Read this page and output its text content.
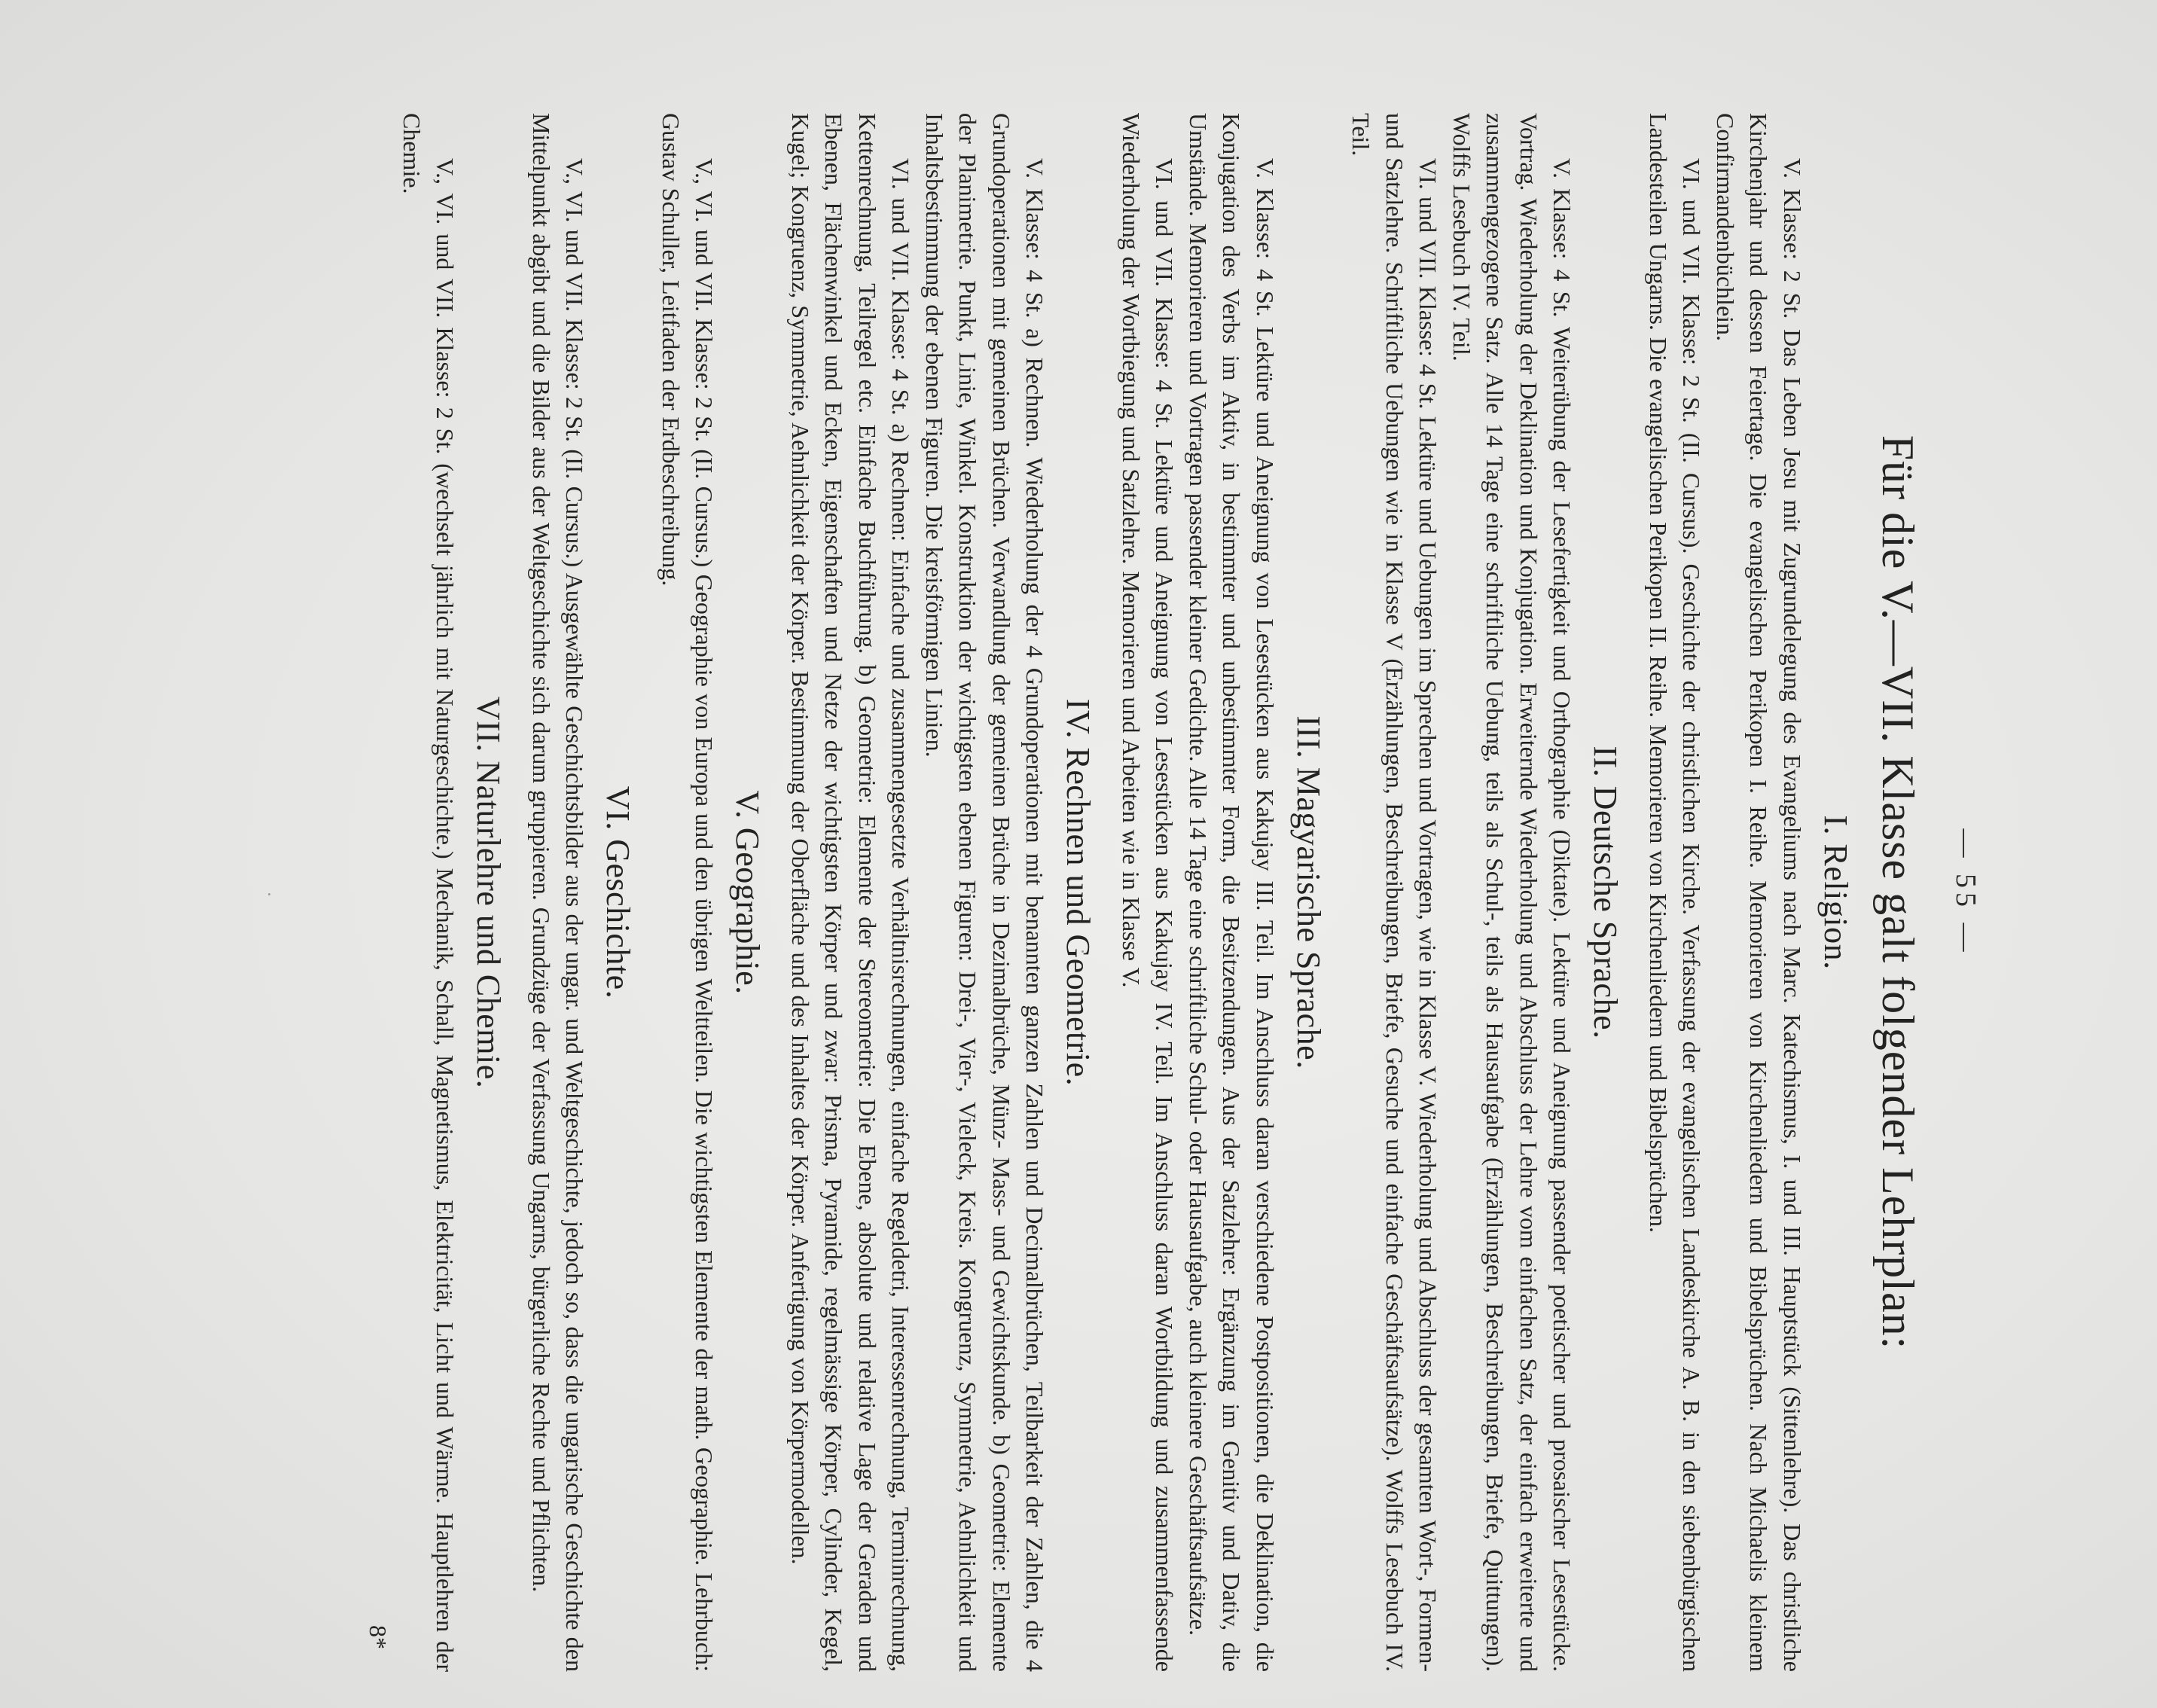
— 55 —
Für die V.—VII. Klasse galt folgender Lehrplan:
I. Religion.

V. Klasse: 2 St. Das Leben Jesu mit Zugrundelegung des Evangeliums nach Marc. Katechismus, I. und III. Hauptstück (Sittenlehre). Das christliche Kirchenjahr und dessen Feiertage. Die evangelischen Perikopen I. Reihe. Memorieren von Kirchenliedern und Bibelsprüchen. Nach Michaelis kleinem Confirmandenbüchlein.

VI. und VII. Klasse: 2 St. (II. Cursus). Geschichte der christlichen Kirche. Verfassung der evangelischen Landeskirche A. B. in den siebenbürgischen Landesteilen Ungarns. Die evangelischen Perikopen II. Reihe. Memorieren von Kirchenliedern und Bibelsprüchen.

II. Deutsche Sprache.

V. Klasse: 4 St. Weiterübung der Lesefertigkeit und Orthographie (Diktate). Lektüre und Aneignung passender poetischer und prosaischer Lesestücke. Vortrag. Wiederholung der Deklination und Konjugation. Erweiternde Wiederholung und Abschluss der Lehre vom einfachen Satz, der einfach erweiterte und zusammengezogene Satz. Alle 14 Tage eine schriftliche Uebung, teils als Schul-, teils als Hausaufgabe (Erzählungen, Beschreibungen, Briefe, Quittungen). Wolffs Lesebuch IV. Teil.

VI. und VII. Klasse: 4 St. Lektüre und Uebungen im Sprechen und Vortragen, wie in Klasse V. Wiederholung und Abschluss der gesamten Wort-, Formen- und Satzlehre. Schriftliche Uebungen wie in Klasse V (Erzählungen, Beschreibungen, Briefe, Gesuche und einfache Geschäftsaufsätze). Wolffs Lesebuch IV. Teil.

III. Magyarische Sprache.

V. Klasse: 4 St. Lektüre und Aneignung von Lesestücken aus Kakujay III. Teil. Im Anschluss daran verschiedene Postpositionen, die Deklination, die Konjugation des Verbs im Aktiv, in bestimmter und unbestimmter Form, die Besitzendungen. Aus der Satzlehre: Ergänzung im Genitiv und Dativ, die Umstände. Memorieren und Vortragen passender kleiner Gedichte. Alle 14 Tage eine schriftliche Schul- oder Hausaufgabe, auch kleinere Geschäftsaufsätze.

VI. und VII. Klasse: 4 St. Lektüre und Aneignung von Lesestücken aus Kakujay IV. Teil. Im Anschluss daran Wortbildung und zusammenfassende Wiederholung der Wortbiegung und Satzlehre. Memorieren und Arbeiten wie in Klasse V.

IV. Rechnen und Geometrie.

V. Klasse: 4 St. a) Rechnen. Wiederholung der 4 Grundoperationen mit benannten ganzen Zahlen und Decimalbrüchen, Teilbarkeit der Zahlen, die 4 Grundoperationen mit gemeinen Brüchen. Verwandlung der gemeinen Brüche in Dezimalbrüche, Münz- Mass- und Gewichtskunde. b) Geometrie: Elemente der Planimetrie. Punkt, Linie, Winkel. Konstruktion der wichtigsten ebenen Figuren: Drei-, Vier-, Vieleck, Kreis. Kongruenz, Symmetrie, Aehnlichkeit und Inhaltsbestimmung der ebenen Figuren. Die kreisförmigen Linien.

VI. und VII. Klasse: 4 St. a) Rechnen: Einfache und zusammengesetzte Verhältnisrechnungen, einfache Regeldetri, Interessenrechnung, Terminrechnung, Kettenrechnung, Teilregel etc. Einfache Buchführung. b) Geometrie: Elemente der Stereometrie: Die Ebene, absolute und relative Lage der Geraden und Ebenen, Flächenwinkel und Ecken, Eigenschaften und Netze der wichtigsten Körper und zwar: Prisma, Pyramide, regelmässige Körper, Cylinder, Kegel, Kugel; Kongruenz, Symmetrie, Aehnlichkeit der Körper. Bestimmung der Oberfläche und des Inhaltes der Körper. Anfertigung von Körpermodellen.

V. Geographie.

V., VI. und VII. Klasse: 2 St. (II. Cursus.) Geographie von Europa und den übrigen Weltteilen. Die wichtigsten Elemente der math. Geographie. Lehrbuch: Gustav Schuller, Leitfaden der Erdbeschreibung.

VI. Geschichte.

V., VI. und VII. Klasse: 2 St. (II. Cursus.) Ausgewählte Geschichtsbilder aus der ungar. und Weltgeschichte, jedoch so, dass die ungarische Geschichte den Mittelpunkt abgibt und die Bilder aus der Weltgeschichte sich darum gruppieren. Grundzüge der Verfassung Ungarns, bürgerliche Rechte und Pflichten.

VII. Naturlehre und Chemie.

V., VI. und VII. Klasse: 2 St. (wechselt jährlich mit Naturgeschichte.) Mechanik, Schall, Magnetismus, Elektricität, Licht und Wärme. Hauptlehren der Chemie.

8*
